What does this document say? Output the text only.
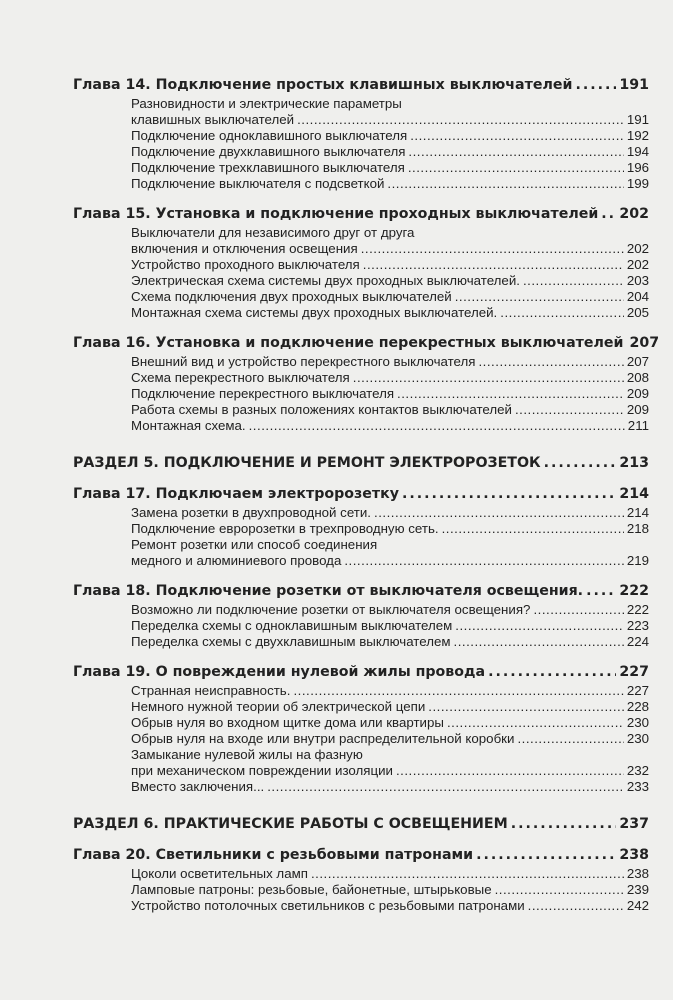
Глава 14. Подключение простых клавишных выключателей .....	191
Разновидности и электрические параметры
клавишных выключателей .....	191
Подключение одноклавишного выключателя .....	192
Подключение двухклавишного выключателя .....	194
Подключение трехклавишного выключателя .....	196
Подключение выключателя с подсветкой .....	199
Глава 15. Установка и подключение проходных выключателей ..... 202
Выключатели для независимого друг от друга
включения и отключения освещения .....	202
Устройство проходного выключателя .....	202
Электрическая схема системы двух проходных выключателей. .....	203
Схема подключения двух проходных выключателей .....	204
Монтажная схема системы двух проходных выключателей. .....	205
Глава 16. Установка и подключение перекрестных выключателей 207
Внешний вид и устройство перекрестного выключателя .....	207
Схема перекрестного выключателя .....	208
Подключение перекрестного выключателя .....	209
Работа схемы в разных положениях контактов выключателей .....	209
Монтажная схема. .....	211
РАЗДЕЛ 5. ПОДКЛЮЧЕНИЕ И РЕМОНТ ЭЛЕКТРОРОЗЕТОК .....	213
Глава 17. Подключаем электророзетку .....	214
Замена розетки в двухпроводной сети. .....	214
Подключение евророзетки в трехпроводную сеть. .....	218
Ремонт розетки или способ соединения
медного и алюминиевого провода .....	219
Глава 18. Подключение розетки от выключателя освещения. .....	222
Возможно ли подключение розетки от выключателя освещения? .....	222
Переделка схемы с одноклавишным выключателем .....	223
Переделка схемы с двухклавишным выключателем .....	224
Глава 19. О повреждении нулевой жилы провода .....	227
Странная неисправность. .....	227
Немного нужной теории об электрической цепи .....	228
Обрыв нуля во входном щитке дома или квартиры .....	230
Обрыв нуля на входе или внутри распределительной коробки .....	230
Замыкание нулевой жилы на фазную
при механическом повреждении изоляции .....	232
Вместо заключения... .....	233
РАЗДЕЛ 6. ПРАКТИЧЕСКИЕ РАБОТЫ С ОСВЕЩЕНИЕМ .....	237
Глава 20. Светильники с резьбовыми патронами .....	238
Цоколи осветительных ламп .....	238
Ламповые патроны: резьбовые, байонетные, штырьковые .....	239
Устройство потолочных светильников с резьбовыми патронами .....	242
